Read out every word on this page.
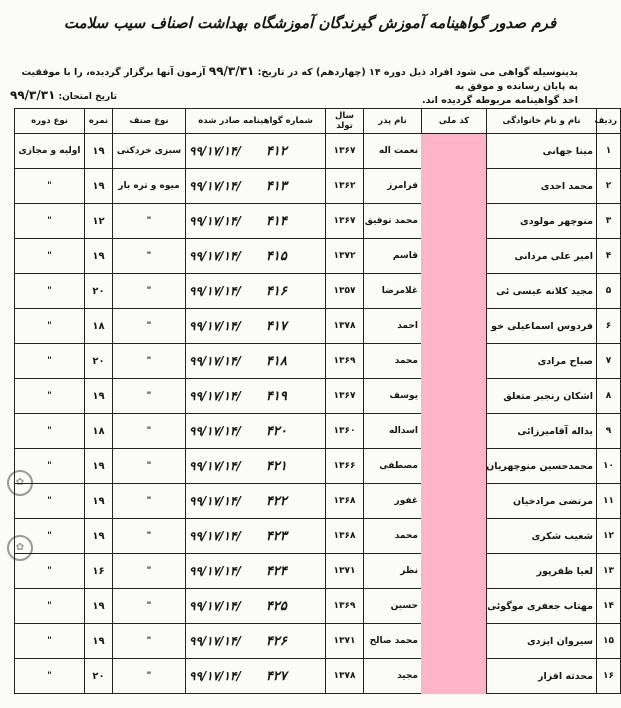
فرم صدور گواهینامه آموزش گیرندگان آموزشگاه بهداشت اصناف سیب سلامت
بدینوسیله گواهی می شود افراد ذیل دوره ۱۴ (چهاردهم) که در تاریخ: ۹۹/۳/۳۱ آزمون آنها برگزار گردیده، را با موفقیت به پایان رسانده و موفق به
اخذ گواهینامه مربوطه گردیده اند.
تاریخ امتحان: ۹۹/۳/۳۱
✿
✿
ردیف	نام و نام خانوادگی	کد ملی	نام پدر	سال تولد	شماره گواهینامه صادر شده	نوع صنف	نمره	نوع دوره
۱	مینا جهانی		نعمت اله	۱۳۶۷	۹۹/۱۷/۱۴/ ۴۱۲	سبزی خردکنی	۱۹	اولیه و مجازی
۲	محمد احدی		فرامرز	۱۳۶۲	۹۹/۱۷/۱۴/ ۴۱۳	میوه و تره بار	۱۹	"
۳	منوچهر مولودی		محمد توفیق	۱۳۶۷	۹۹/۱۷/۱۴/ ۴۱۴	"	۱۲	"
۴	امیر علی مردانی		قاسم	۱۳۷۲	۹۹/۱۷/۱۴/ ۴۱۵	"	۱۹	"
۵	مجید کلانه عیسی ئی		غلامرضا	۱۳۵۷	۹۹/۱۷/۱۴/ ۴۱۶	"	۲۰	"
۶	فردوس اسماعیلی خو		احمد	۱۳۷۸	۹۹/۱۷/۱۴/ ۴۱۷	"	۱۸	"
۷	صباح مرادی		محمد	۱۳۶۹	۹۹/۱۷/۱۴/ ۴۱۸	"	۲۰	"
۸	اشکان رنجبر متعلق		یوسف	۱۳۶۷	۹۹/۱۷/۱۴/ ۴۱۹	"	۱۹	"
۹	یداله آقامیرزائی		اسداله	۱۳۶۰	۹۹/۱۷/۱۴/ ۴۲۰	"	۱۸	"
۱۰	محمدحسین منوچهریان		مصطفی	۱۳۶۶	۹۹/۱۷/۱۴/ ۴۲۱	"	۱۹	"
۱۱	مرتضی مرادخیان		غفور	۱۳۶۸	۹۹/۱۷/۱۴/ ۴۲۲	"	۱۹	"
۱۲	شعیب شکری		محمد	۱۳۶۸	۹۹/۱۷/۱۴/ ۴۲۳	"	۱۹	"
۱۳	لعیا ظفرپور		نظر	۱۳۷۱	۹۹/۱۷/۱۴/ ۴۲۴	"	۱۶	"
۱۴	مهتاب جعفری موگوئی		حسین	۱۳۶۹	۹۹/۱۷/۱۴/ ۴۲۵	"	۱۹	"
۱۵	سیروان ایزدی		محمد صالح	۱۳۷۱	۹۹/۱۷/۱۴/ ۴۲۶	"	۱۹	"
۱۶	محدثه افزار		مجید	۱۳۷۸	۹۹/۱۷/۱۴/ ۴۲۷	"	۲۰	"
